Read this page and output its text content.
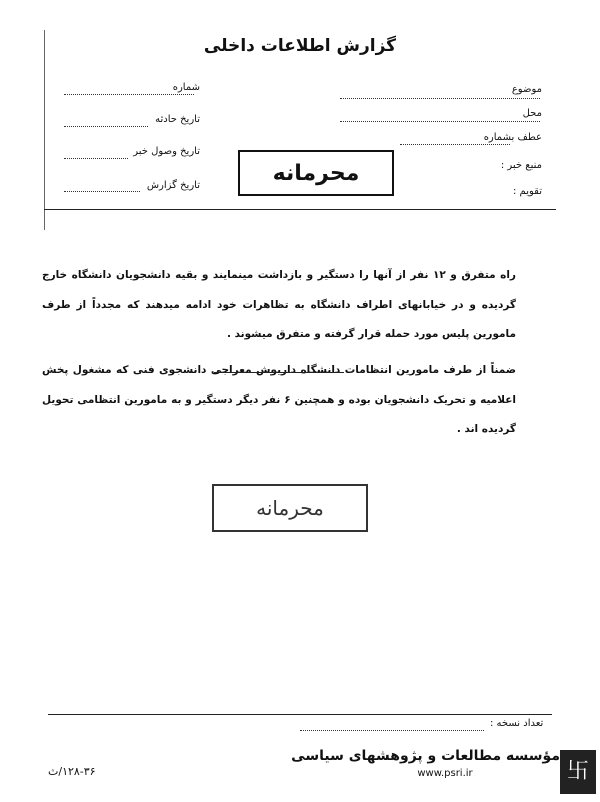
گزارش اطلاعات داخلی
موضوع
محل
عطف بشماره
منبع خبر :
تقویم :
شماره
تاریخ حادثه
تاریخ وصول خبر
تاریخ گزارش	محرمانه
راه متفرق و ۱۲ نفر از آنها را دستگیر و بازداشت مینمایند و بقیه دانشجویان دانشگاه خارج گردیده و در خیابانهای اطراف دانشگاه به تظاهرات خود ادامه میدهند که مجدداً از طرف مامورین پلیس مورد حمله قرار گرفته و متفرق میشوند .
ضمناً از طرف مامورین انتظامات دانشگاه داریوش معراجی دانشجوی فنی که مشغول پخش اعلامیه و تحریک دانشجویان بوده و همچنین ۶ نفر دیگر دستگیر و به مامورین انتظامی تحویل گردیده اند .
محرمانه
تعداد نسخه :
۱۲۸-۳۶/ث
مؤسسه مطالعات و پژوهشهای سیاسی
www.psri.ir	卐
